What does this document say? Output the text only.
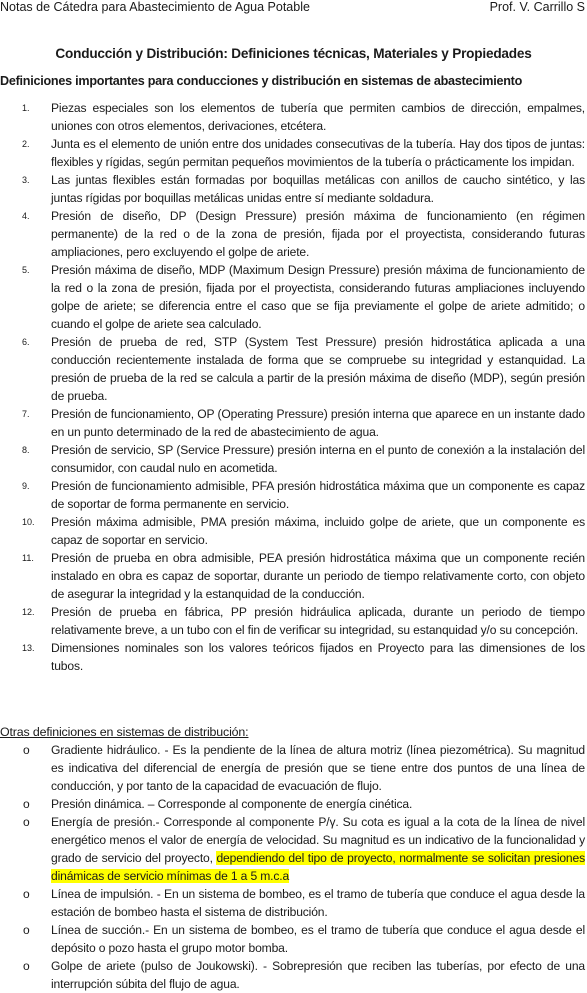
Notas de Cátedra para Abastecimiento de Agua Potable	Prof. V. Carrillo S
Conducción y Distribución: Definiciones técnicas, Materiales y Propiedades
Definiciones importantes para conducciones y distribución en sistemas de abastecimiento
1. Piezas especiales son los elementos de tubería que permiten cambios de dirección, empalmes, uniones con otros elementos, derivaciones, etcétera.
2. Junta es el elemento de unión entre dos unidades consecutivas de la tubería. Hay dos tipos de juntas: flexibles y rígidas, según permitan pequeños movimientos de la tubería o prácticamente los impidan.
3. Las juntas flexibles están formadas por boquillas metálicas con anillos de caucho sintético, y las juntas rígidas por boquillas metálicas unidas entre sí mediante soldadura.
4. Presión de diseño, DP (Design Pressure) presión máxima de funcionamiento (en régimen permanente) de la red o de la zona de presión, fijada por el proyectista, considerando futuras ampliaciones, pero excluyendo el golpe de ariete.
5. Presión máxima de diseño, MDP (Maximum Design Pressure) presión máxima de funcionamiento de la red o la zona de presión, fijada por el proyectista, considerando futuras ampliaciones incluyendo golpe de ariete; se diferencia entre el caso que se fija previamente el golpe de ariete admitido; o cuando el golpe de ariete sea calculado.
6. Presión de prueba de red, STP (System Test Pressure) presión hidrostática aplicada a una conducción recientemente instalada de forma que se compruebe su integridad y estanquidad. La presión de prueba de la red se calcula a partir de la presión máxima de diseño (MDP), según presión de prueba.
7. Presión de funcionamiento, OP (Operating Pressure) presión interna que aparece en un instante dado en un punto determinado de la red de abastecimiento de agua.
8. Presión de servicio, SP (Service Pressure) presión interna en el punto de conexión a la instalación del consumidor, con caudal nulo en acometida.
9. Presión de funcionamiento admisible, PFA presión hidrostática máxima que un componente es capaz de soportar de forma permanente en servicio.
10. Presión máxima admisible, PMA presión máxima, incluido golpe de ariete, que un componente es capaz de soportar en servicio.
11. Presión de prueba en obra admisible, PEA presión hidrostática máxima que un componente recién instalado en obra es capaz de soportar, durante un periodo de tiempo relativamente corto, con objeto de asegurar la integridad y la estanquidad de la conducción.
12. Presión de prueba en fábrica, PP presión hidráulica aplicada, durante un periodo de tiempo relativamente breve, a un tubo con el fin de verificar su integridad, su estanquidad y/o su concepción.
13. Dimensiones nominales son los valores teóricos fijados en Proyecto para las dimensiones de los tubos.
Otras definiciones en sistemas de distribución:
o Gradiente hidráulico. - Es la pendiente de la línea de altura motriz (línea piezométrica). Su magnitud es indicativa del diferencial de energía de presión que se tiene entre dos puntos de una línea de conducción, y por tanto de la capacidad de evacuación de flujo.
o Presión dinámica. – Corresponde al componente de energía cinética.
o Energía de presión.- Corresponde al componente P/γ. Su cota es igual a la cota de la línea de nivel energético menos el valor de energía de velocidad. Su magnitud es un indicativo de la funcionalidad y grado de servicio del proyecto, dependiendo del tipo de proyecto, normalmente se solicitan presiones dinámicas de servicio mínimas de 1 a 5 m.c.a
o Línea de impulsión. - En un sistema de bombeo, es el tramo de tubería que conduce el agua desde la estación de bombeo hasta el sistema de distribución.
o Línea de succión.- En un sistema de bombeo, es el tramo de tubería que conduce el agua desde el depósito o pozo hasta el grupo motor bomba.
o Golpe de ariete (pulso de Joukowski). - Sobrepresión que reciben las tuberías, por efecto de una interrupción súbita del flujo de agua.
